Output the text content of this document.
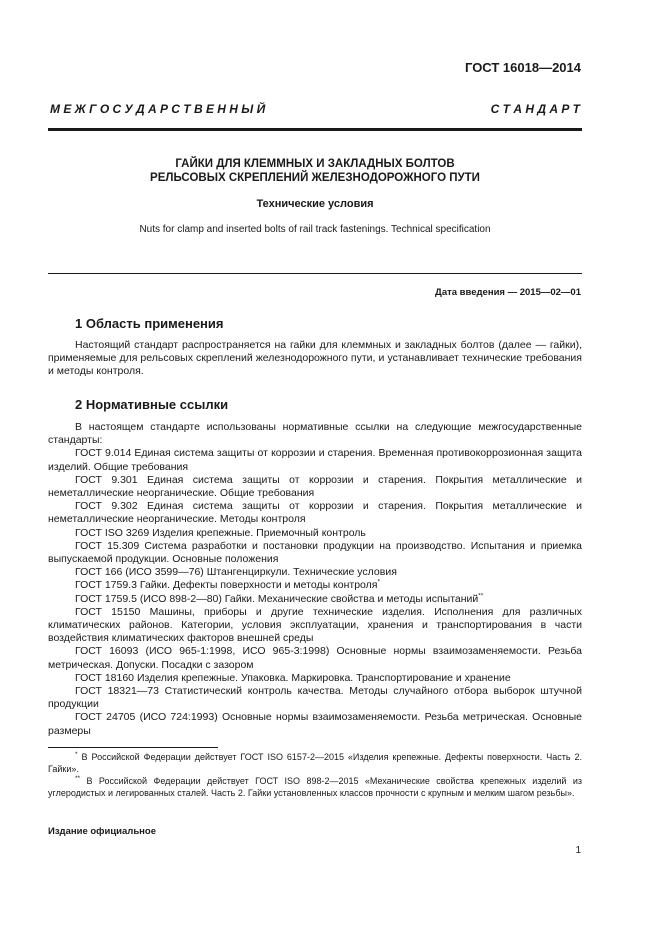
ГОСТ 16018—2014
М Е Ж Г О С У Д А Р С Т В Е Н Н Ы Й	С Т А Н Д А Р Т
ГАЙКИ ДЛЯ КЛЕММНЫХ И ЗАКЛАДНЫХ БОЛТОВ
РЕЛЬСОВЫХ СКРЕПЛЕНИЙ ЖЕЛЕЗНОДОРОЖНОГО ПУТИ
Технические условия
Nuts for clamp and inserted bolts of rail track fastenings. Technical specification
Дата введения — 2015—02—01
1 Область применения

Настоящий стандарт распространяется на гайки для клеммных и закладных болтов (далее — гайки), применяемые для рельсовых скреплений железнодорожного пути, и устанавливает технические требования и методы контроля.

2 Нормативные ссылки

В настоящем стандарте использованы нормативные ссылки на следующие межгосударственные стандарты:

ГОСТ 9.014 Единая система защиты от коррозии и старения. Временная противокоррозионная защита изделий. Общие требования

ГОСТ 9.301 Единая система защиты от коррозии и старения. Покрытия металлические и неметаллические неорганические. Общие требования

ГОСТ 9.302 Единая система защиты от коррозии и старения. Покрытия металлические и неметаллические неорганические. Методы контроля

ГОСТ ISO 3269 Изделия крепежные. Приемочный контроль

ГОСТ 15.309 Система разработки и постановки продукции на производство. Испытания и приемка выпускаемой продукции. Основные положения

ГОСТ 166 (ИСО 3599—76) Штангенциркули. Технические условия

ГОСТ 1759.3 Гайки. Дефекты поверхности и методы контроля*

ГОСТ 1759.5 (ИСО 898-2—80) Гайки. Механические свойства и методы испытаний**

ГОСТ 15150 Машины, приборы и другие технические изделия. Исполнения для различных климатических районов. Категории, условия эксплуатации, хранения и транспортирования в части воздействия климатических факторов внешней среды

ГОСТ 16093 (ИСО 965-1:1998, ИСО 965-3:1998) Основные нормы взаимозаменяемости. Резьба метрическая. Допуски. Посадки с зазором

ГОСТ 18160 Изделия крепежные. Упаковка. Маркировка. Транспортирование и хранение

ГОСТ 18321—73 Статистический контроль качества. Методы случайного отбора выборок штучной продукции

ГОСТ 24705 (ИСО 724:1993) Основные нормы взаимозаменяемости. Резьба метрическая. Основные размеры

* В Российской Федерации действует ГОСТ ISO 6157-2—2015 «Изделия крепежные. Дефекты поверхности. Часть 2. Гайки».

** В Российской Федерации действует ГОСТ ISO 898-2—2015 «Механические свойства крепежных изделий из углеродистых и легированных сталей. Часть 2. Гайки установленных классов прочности с крупным и мелким шагом резьбы».

Издание официальное
1
